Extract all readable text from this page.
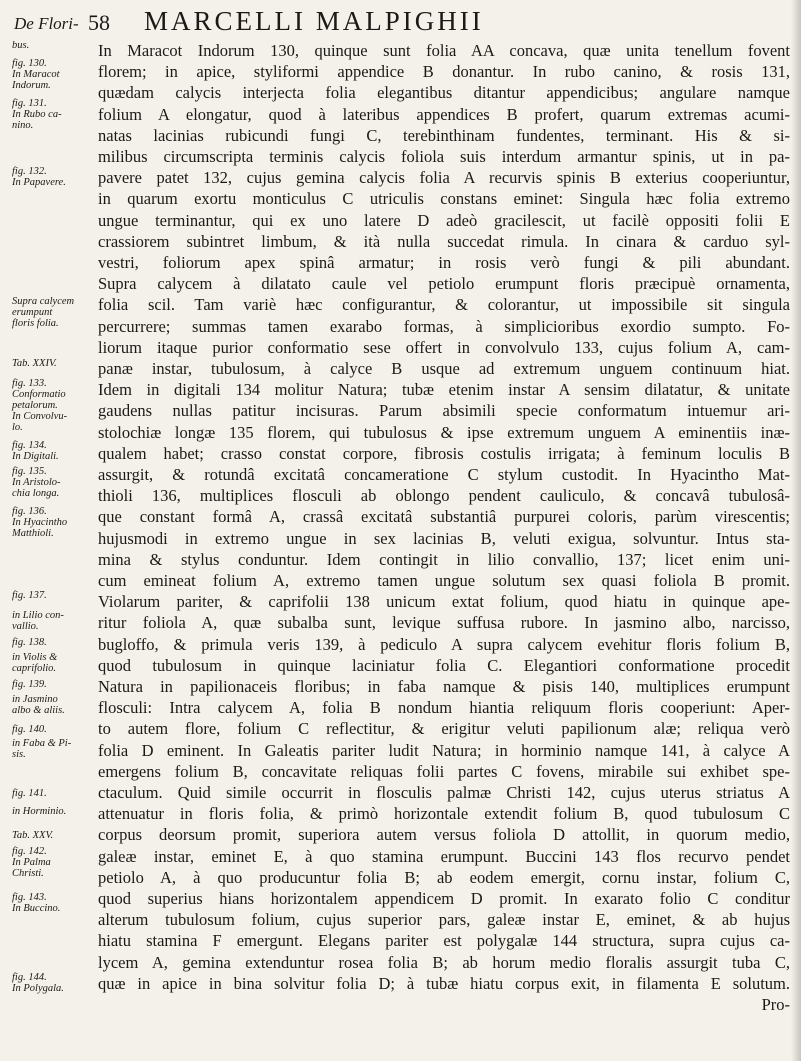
De Flori- 58 MARCELLI MALPIGHII
bus.
fig. 130.
In Maracot
Indorum.
fig. 131.
In Rubo ca-
nino.
fig. 132.
In Papavere.
Supra calycem
erumpunt
floris folia.
Tab. XXIV.
fig. 133.
Conformatio
petalorum.
In Convolvu-
lo.
fig. 134.
In Digitali.
fig. 135.
In Aristolo-
chia longa.
fig. 136.
In Hyacintho
Matthioli.
fig. 137.
in Lilio con-
vallio.
fig. 138.
in Violis &
caprifolio.
fig. 139.
in Jasmino
albo & aliis.
fig. 140.
in Faba & Pi-
sis.
fig. 141.
in Horminio.
Tab. XXV.
fig. 142.
In Palma
Christi.
fig. 143.
In Buccino.
fig. 144.
In Polygala.
In Maracot Indorum 130, quinque sunt folia AA concava, quæ unita tenellum fovent
florem; in apice, styliformi appendice B donantur. In rubo canino, & rosis 131,
quædam calycis interjecta folia elegantibus ditantur appendicibus; angulare namque
folium A elongatur, quod à lateribus appendices B profert, quarum extremas acumi-
natas lacinias rubicundi fungi C, terebinthinam fundentes, terminant. His & si-
milibus circumscripta terminis calycis foliola suis interdum armantur spinis, ut in pa-
pavere patet 132, cujus gemina calycis folia A recurvis spinis B exterius cooperiuntur,
in quarum exortu monticulus C utriculis constans eminet: Singula hæc folia extremo
ungue terminantur, qui ex uno latere D adeò gracilescit, ut facilè oppositi folii E
crassiorem subintret limbum, & ità nulla succedat rimula. In cinara & carduo syl-
vestri, foliorum apex spinâ armatur; in rosis verò fungi & pili abundant.
Supra calycem à dilatato caule vel petiolo erumpunt floris præcipuè ornamenta,
folia scil. Tam variè hæc configurantur, & colorantur, ut impossibile sit singula
percurrere; summas tamen exarabo formas, à simplicioribus exordio sumpto. Fo-
liorum itaque purior conformatio sese offert in convolvulo 133, cujus folium A, cam-
panæ instar, tubulosum, à calyce B usque ad extremum unguem continuum hiat.
Idem in digitali 134 molitur Natura; tubæ etenim instar A sensim dilatatur, & unitate
gaudens nullas patitur incisuras. Parum absimili specie conformatum intuemur ari-
stolochiæ longæ 135 florem, qui tubulosus & ipse extremum unguem A eminentiis inæ-
qualem habet; crasso constat corpore, fibrosis costulis irrigata; à feminum loculis B
assurgit, & rotundâ excitatâ concameratione C stylum custodit. In Hyacintho Mat-
thioli 136, multiplices flosculi ab oblongo pendent cauliculo, & concavâ tubulosâ-
que constant formâ A, crassâ excitatâ substantiâ purpurei coloris, parùm virescentis;
hujusmodi in extremo ungue in sex lacinias B, veluti exigua, solvuntur. Intus sta-
mina & stylus conduntur. Idem contingit in lilio convallio, 137; licet enim uni-
cum emineat folium A, extremo tamen ungue solutum sex quasi foliola B promit.
Violarum pariter, & caprifolii 138 unicum extat folium, quod hiatu in quinque ape-
ritur foliola A, quæ subalba sunt, levique suffusa rubore. In jasmino albo, narcisso,
bugloffo, & primula veris 139, à pediculo A supra calycem evehitur floris folium B,
quod tubulosum in quinque laciniatur folia C. Elegantiori conformatione procedit
Natura in papilionaceis floribus; in faba namque & pisis 140, multiplices erumpunt
flosculi: Intra calycem A, folia B nondum hiantia reliquum floris cooperiunt: Aper-
to autem flore, folium C reflectitur, & erigitur veluti papilionum alæ; reliqua verò
folia D eminent. In Galeatis pariter ludit Natura; in horminio namque 141, à calyce A
emergens folium B, concavitate reliquas folii partes C fovens, mirabile sui exhibet spe-
ctaculum. Quid simile occurrit in flosculis palmæ Christi 142, cujus uterus striatus A
attenuatur in floris folia, & primò horizontale extendit folium B, quod tubulosum C
corpus deorsum promit, superiora autem versus foliola D attollit, in quorum medio,
galeæ instar, eminet E, à quo stamina erumpunt. Buccini 143 flos recurvo pendet
petiolo A, à quo producuntur folia B; ab eodem emergit, cornu instar, folium C,
quod superius hians horizontalem appendicem D promit. In exarato folio C conditur
alterum tubulosum folium, cujus superior pars, galeæ instar E, eminet, & ab hujus
hiatu stamina F emergunt. Elegans pariter est polygalæ 144 structura, supra cujus ca-
lycem A, gemina extenduntur rosea folia B; ab horum medio floralis assurgit tuba C,
quæ in apice in bina solvitur folia D; à tubæ hiatu corpus exit, in filamenta E solutum.
Pro-
